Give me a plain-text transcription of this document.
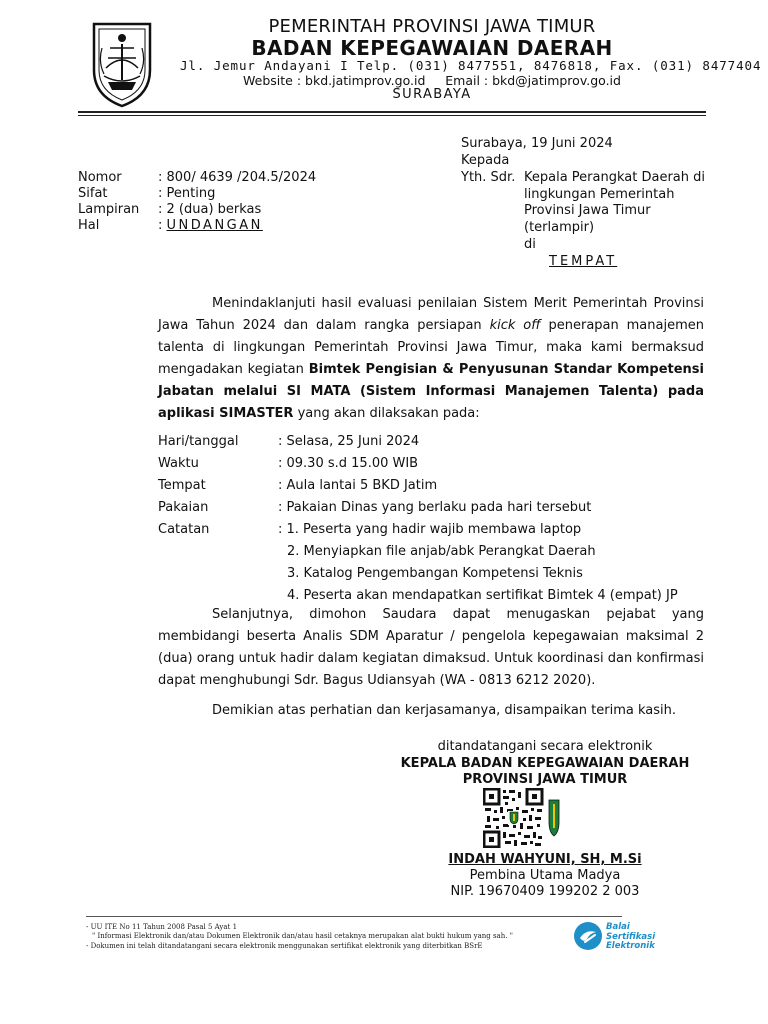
PEMERINTAH PROVINSI JAWA TIMUR
BADAN KEPEGAWAIAN DAERAH
Jl. Jemur Andayani I Telp. (031) 8477551, 8476818, Fax. (031) 8477404
Website : bkd.jatimprov.go.id     Email : bkd@jatimprov.go.id
SURABAYA
Surabaya, 19 Juni 2024
Kepada
Yth. Sdr. Kepala Perangkat Daerah di
lingkungan Pemerintah
Provinsi Jawa Timur
(terlampir)
di
TEMPAT
Nomor	: 800/ 4639 /204.5/2024
Sifat	: Penting
Lampiran : 2 (dua) berkas
Hal	: UNDANGAN
Menindaklanjuti hasil evaluasi penilaian Sistem Merit Pemerintah Provinsi Jawa Tahun 2024 dan dalam rangka persiapan kick off penerapan manajemen talenta di lingkungan Pemerintah Provinsi Jawa Timur, maka kami bermaksud mengadakan kegiatan Bimtek Pengisian & Penyusunan Standar Kompetensi Jabatan melalui SI MATA (Sistem Informasi Manajemen Talenta) pada aplikasi SIMASTER yang akan dilaksakan pada:
Hari/tanggal	: Selasa, 25 Juni 2024
Waktu	: 09.30 s.d 15.00 WIB
Tempat	: Aula lantai 5 BKD Jatim
Pakaian	: Pakaian Dinas yang berlaku pada hari tersebut
Catatan	: 1. Peserta yang hadir wajib membawa laptop
2. Menyiapkan file anjab/abk Perangkat Daerah
3. Katalog Pengembangan Kompetensi Teknis
4. Peserta akan mendapatkan sertifikat Bimtek 4 (empat) JP
Selanjutnya, dimohon Saudara dapat menugaskan pejabat yang membidangi beserta Analis SDM Aparatur / pengelola kepegawaian maksimal 2 (dua) orang untuk hadir dalam kegiatan dimaksud. Untuk koordinasi dan konfirmasi dapat menghubungi Sdr. Bagus Udiansyah (WA - 0813 6212 2020).
Demikian atas perhatian dan kerjasamanya, disampaikan terima kasih.
ditandatangani secara elektronik
KEPALA BADAN KEPEGAWAIAN DAERAH
PROVINSI JAWA TIMUR
INDAH WAHYUNI, SH, M.Si
Pembina Utama Madya
NIP. 19670409 199202 2 003
- UU ITE No 11 Tahun 2008 Pasal 5 Ayat 1
" Informasi Elektronik dan/atau Dokumen Elektronik dan/atau hasil cetaknya merupakan alat bukti hukum yang sah. "
- Dokumen ini telah ditandatangani secara elektronik menggunakan sertifikat elektronik yang diterbitkan BSrE
Balai
Sertifikasi
Elektronik
